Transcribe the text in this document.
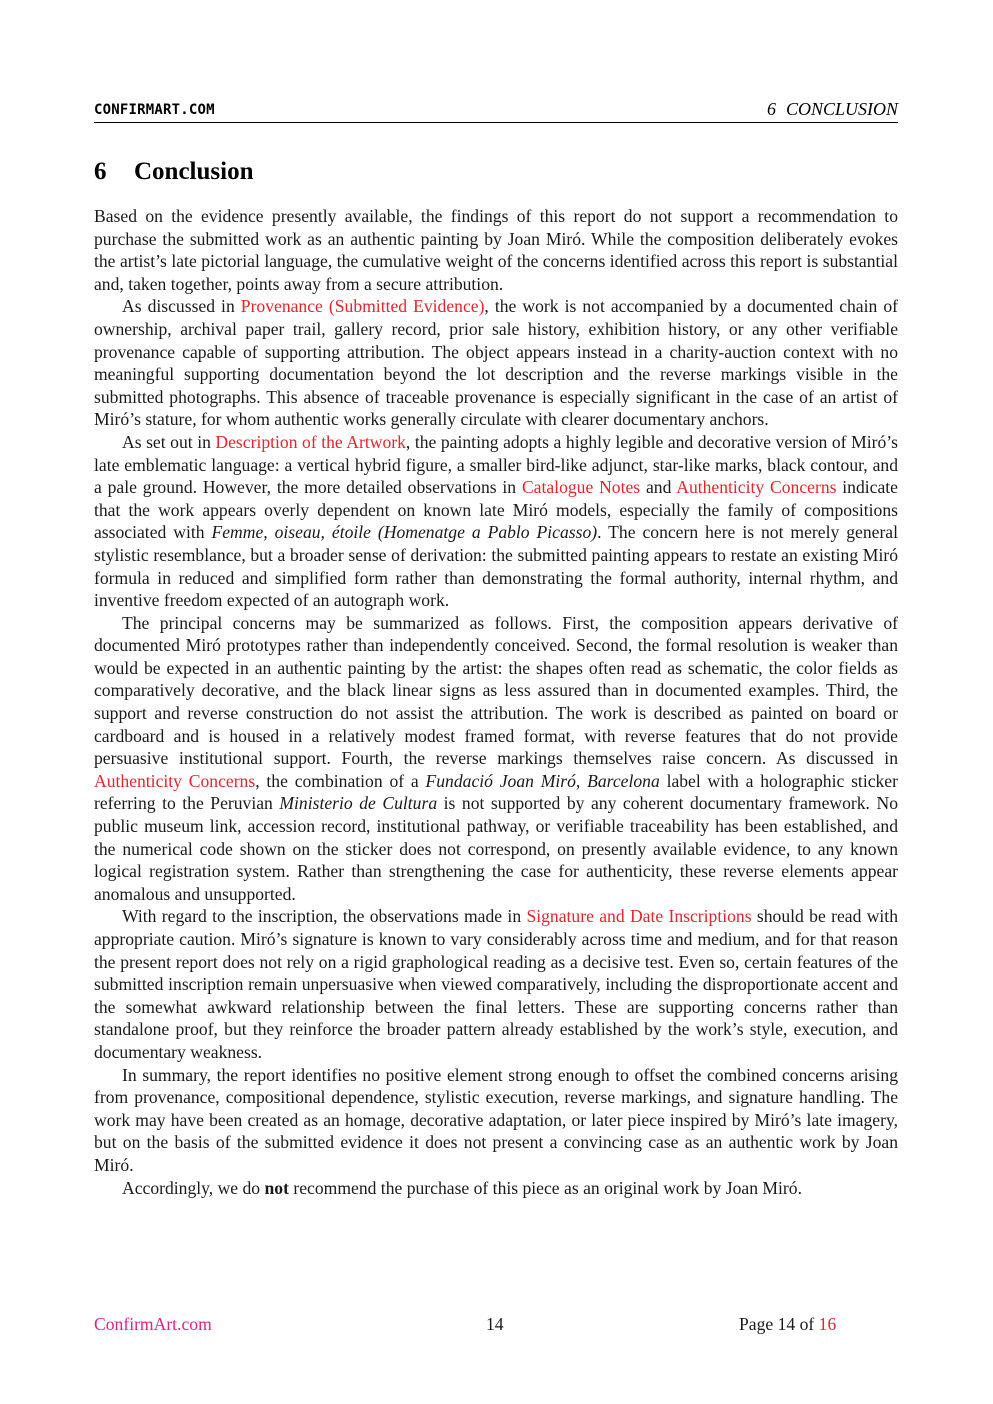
CONFIRMART.COM	6 CONCLUSION
6 Conclusion

Based on the evidence presently available, the findings of this report do not support a recommendation to purchase the submitted work as an authentic painting by Joan Miró. While the composition deliberately evokes the artist’s late pictorial language, the cumulative weight of the concerns identified across this report is substantial and, taken together, points away from a secure attribution.

As discussed in Provenance (Submitted Evidence), the work is not accompanied by a documented chain of ownership, archival paper trail, gallery record, prior sale history, exhibition history, or any other verifiable provenance capable of supporting attribution. The object appears instead in a charity-auction context with no meaningful supporting documentation beyond the lot description and the reverse markings visible in the submitted photographs. This absence of traceable provenance is especially significant in the case of an artist of Miró’s stature, for whom authentic works generally circulate with clearer documentary anchors.

As set out in Description of the Artwork, the painting adopts a highly legible and decorative version of Miró’s late emblematic language: a vertical hybrid figure, a smaller bird-like adjunct, star-like marks, black contour, and a pale ground. However, the more detailed observations in Catalogue Notes and Authenticity Concerns indicate that the work appears overly dependent on known late Miró models, especially the family of compositions associated with Femme, oiseau, étoile (Homenatge a Pablo Picasso). The concern here is not merely general stylistic resemblance, but a broader sense of derivation: the submitted painting appears to restate an existing Miró formula in reduced and simplified form rather than demonstrating the formal authority, internal rhythm, and inventive freedom expected of an autograph work.

The principal concerns may be summarized as follows. First, the composition appears derivative of documented Miró prototypes rather than independently conceived. Second, the formal resolution is weaker than would be expected in an authentic painting by the artist: the shapes often read as schematic, the color fields as comparatively decorative, and the black linear signs as less assured than in documented examples. Third, the support and reverse construction do not assist the attribution. The work is described as painted on board or cardboard and is housed in a relatively modest framed format, with reverse features that do not provide persuasive institutional support. Fourth, the reverse markings themselves raise concern. As discussed in Authenticity Concerns, the combination of a Fundació Joan Miró, Barcelona label with a holographic sticker referring to the Peruvian Ministerio de Cultura is not supported by any coherent documentary framework. No public museum link, accession record, institutional pathway, or verifiable traceability has been established, and the numerical code shown on the sticker does not correspond, on presently available evidence, to any known logical registration system. Rather than strengthening the case for authenticity, these reverse elements appear anomalous and unsupported.

With regard to the inscription, the observations made in Signature and Date Inscriptions should be read with appropriate caution. Miró’s signature is known to vary considerably across time and medium, and for that reason the present report does not rely on a rigid graphological reading as a decisive test. Even so, certain features of the submitted inscription remain unpersuasive when viewed comparatively, including the disproportionate accent and the somewhat awkward relationship between the final letters. These are supporting concerns rather than standalone proof, but they reinforce the broader pattern already established by the work’s style, execution, and documentary weakness.

In summary, the report identifies no positive element strong enough to offset the combined concerns arising from provenance, compositional dependence, stylistic execution, reverse markings, and signature handling. The work may have been created as an homage, decorative adaptation, or later piece inspired by Miró’s late imagery, but on the basis of the submitted evidence it does not present a convincing case as an authentic work by Joan Miró.

Accordingly, we do not recommend the purchase of this piece as an original work by Joan Miró.

ConfirmArt.com	14	Page 14 of 16
